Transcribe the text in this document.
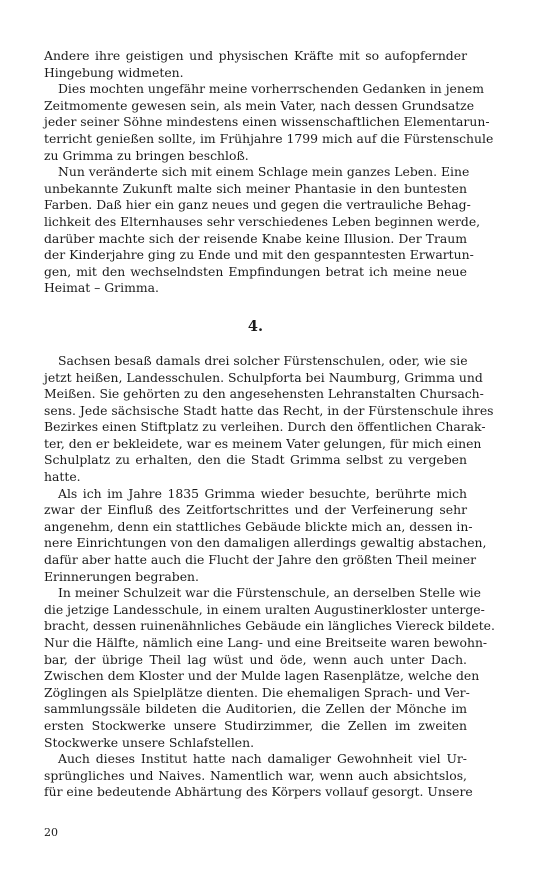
Andere ihre geistigen und physischen Kräfte mit so aufopfernder
Hingebung widmeten.
Dies mochten ungefähr meine vorherrschenden Gedanken in jenem
Zeitmomente gewesen sein, als mein Vater, nach dessen Grundsatze
jeder seiner Söhne mindestens einen wissenschaftlichen Elementarun-
terricht genießen sollte, im Frühjahre 1799 mich auf die Fürstenschule
zu Grimma zu bringen beschloß.
Nun veränderte sich mit einem Schlage mein ganzes Leben. Eine
unbekannte Zukunft malte sich meiner Phantasie in den buntesten
Farben. Daß hier ein ganz neues und gegen die vertrauliche Behag-
lichkeit des Elternhauses sehr verschiedenes Leben beginnen werde,
darüber machte sich der reisende Knabe keine Illusion. Der Traum
der Kinderjahre ging zu Ende und mit den gespanntesten Erwartun-
gen, mit den wechselndsten Empfindungen betrat ich meine neue
Heimat – Grimma.
4.
Sachsen besaß damals drei solcher Fürstenschulen, oder, wie sie
jetzt heißen, Landesschulen. Schulpforta bei Naumburg, Grimma und
Meißen. Sie gehörten zu den angesehensten Lehranstalten Chursach-
sens. Jede sächsische Stadt hatte das Recht, in der Fürstenschule ihres
Bezirkes einen Stiftplatz zu verleihen. Durch den öffentlichen Charak-
ter, den er bekleidete, war es meinem Vater gelungen, für mich einen
Schulplatz zu erhalten, den die Stadt Grimma selbst zu vergeben
hatte.
Als ich im Jahre 1835 Grimma wieder besuchte, berührte mich
zwar der Einfluß des Zeitfortschrittes und der Verfeinerung sehr
angenehm, denn ein stattliches Gebäude blickte mich an, dessen in-
nere Einrichtungen von den damaligen allerdings gewaltig abstachen,
dafür aber hatte auch die Flucht der Jahre den größten Theil meiner
Erinnerungen begraben.
In meiner Schulzeit war die Fürstenschule, an derselben Stelle wie
die jetzige Landesschule, in einem uralten Augustinerkloster unterge-
bracht, dessen ruinenähnliches Gebäude ein längliches Viereck bildete.
Nur die Hälfte, nämlich eine Lang- und eine Breitseite waren bewohn-
bar, der übrige Theil lag wüst und öde, wenn auch unter Dach.
Zwischen dem Kloster und der Mulde lagen Rasenplätze, welche den
Zöglingen als Spielplätze dienten. Die ehemaligen Sprach- und Ver-
sammlungssäle bildeten die Auditorien, die Zellen der Mönche im
ersten Stockwerke unsere Studirzimmer, die Zellen im zweiten
Stockwerke unsere Schlafstellen.
Auch dieses Institut hatte nach damaliger Gewohnheit viel Ur-
sprüngliches und Naives. Namentlich war, wenn auch absichtslos,
für eine bedeutende Abhärtung des Körpers vollauf gesorgt. Unsere
20
